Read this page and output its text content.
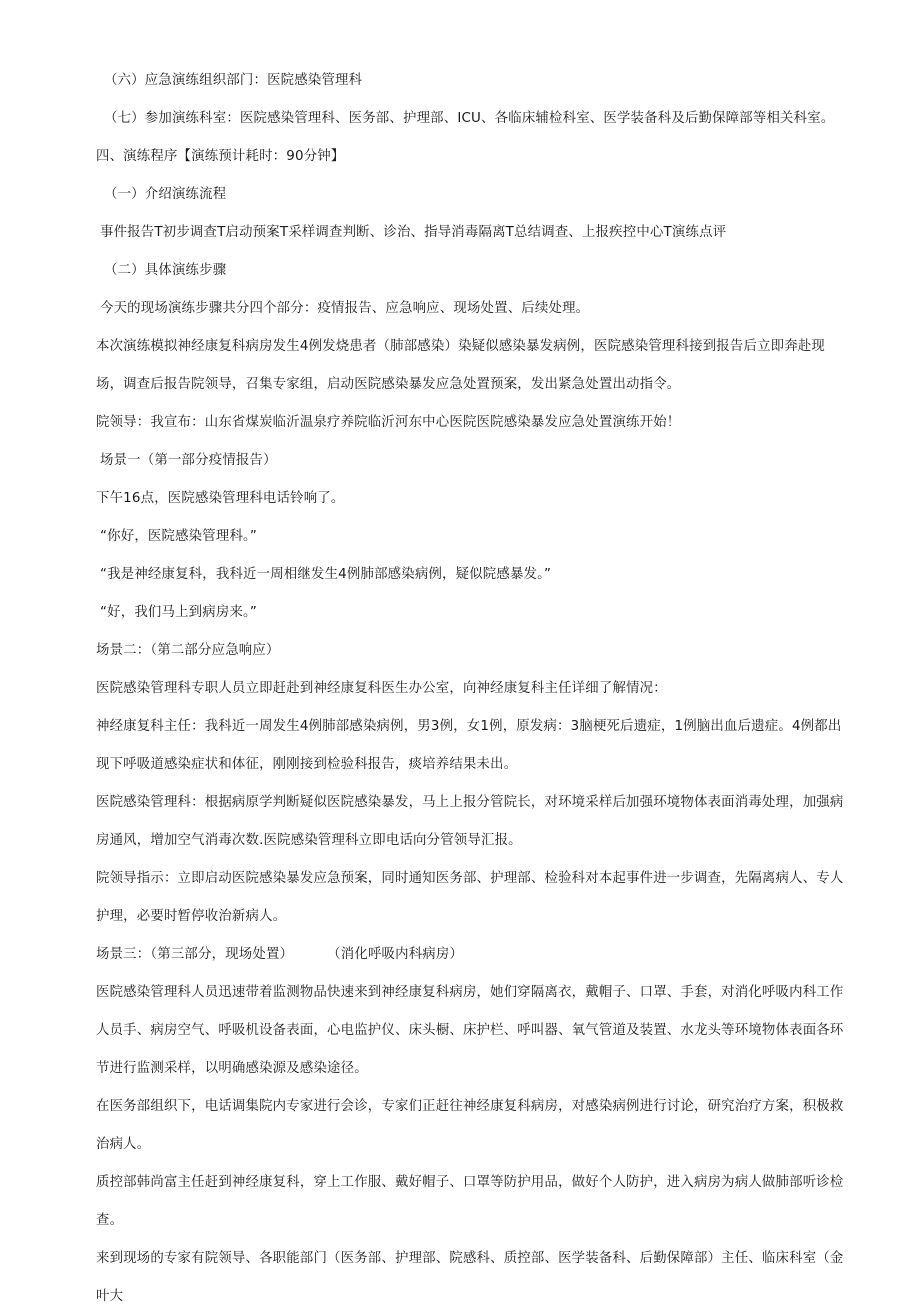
（六）应急演练组织部门：医院感染管理科

（七）参加演练科室：医院感染管理科、医务部、护理部、ICU、各临床辅检科室、医学装备科及后勤保障部等相关科室。

四、演练程序【演练预计耗时：90分钟】

（一）介绍演练流程

事件报告T初步调查T启动预案T采样调查判断、诊治、指导消毒隔离T总结调查、上报疾控中心T演练点评

（二）具体演练步骤

今天的现场演练步骤共分四个部分：疫情报告、应急响应、现场处置、后续处理。

本次演练模拟神经康复科病房发生4例发烧患者（肺部感染）染疑似感染暴发病例，医院感染管理科接到报告后立即奔赴现场，调查后报告院领导，召集专家组，启动医院感染暴发应急处置预案，发出紧急处置出动指令。

院领导：我宣布：山东省煤炭临沂温泉疗养院临沂河东中心医院医院感染暴发应急处置演练开始！

场景一（第一部分疫情报告）

下午16点，医院感染管理科电话铃响了。

“你好，医院感染管理科。”

“我是神经康复科，我科近一周相继发生4例肺部感染病例，疑似院感暴发。”

“好，我们马上到病房来。”

场景二：（第二部分应急响应）

医院感染管理科专职人员立即赶赴到神经康复科医生办公室，向神经康复科主任详细了解情况：

神经康复科主任：我科近一周发生4例肺部感染病例，男3例，女1例，原发病：3脑梗死后遗症，1例脑出血后遗症。4例都出现下呼吸道感染症状和体征，刚刚接到检验科报告，痰培养结果未出。

医院感染管理科：根据病原学判断疑似医院感染暴发，马上上报分管院长，对环境采样后加强环境物体表面消毒处理，加强病房通风，增加空气消毒次数.医院感染管理科立即电话向分管领导汇报。

院领导指示：立即启动医院感染暴发应急预案，同时通知医务部、护理部、检验科对本起事件进一步调查，先隔离病人、专人护理，必要时暂停收治新病人。

场景三：（第三部分，现场处置）	（消化呼吸内科病房）

医院感染管理科人员迅速带着监测物品快速来到神经康复科病房，她们穿隔离衣，戴帽子、口罩、手套，对消化呼吸内科工作人员手、病房空气、呼吸机设备表面，心电监护仪、床头橱、床护栏、呼叫器、氧气管道及装置、水龙头等环境物体表面各环节进行监测采样，以明确感染源及感染途径。

在医务部组织下，电话调集院内专家进行会诊，专家们正赶往神经康复科病房，对感染病例进行讨论，研究治疗方案，积极救治病人。

质控部韩尚富主任赶到神经康复科，穿上工作服、戴好帽子、口罩等防护用品，做好个人防护，进入病房为病人做肺部听诊检查。

来到现场的专家有院领导、各职能部门（医务部、护理部、院感科、质控部、医学装备科、后勤保障部）主任、临床科室（金叶大
